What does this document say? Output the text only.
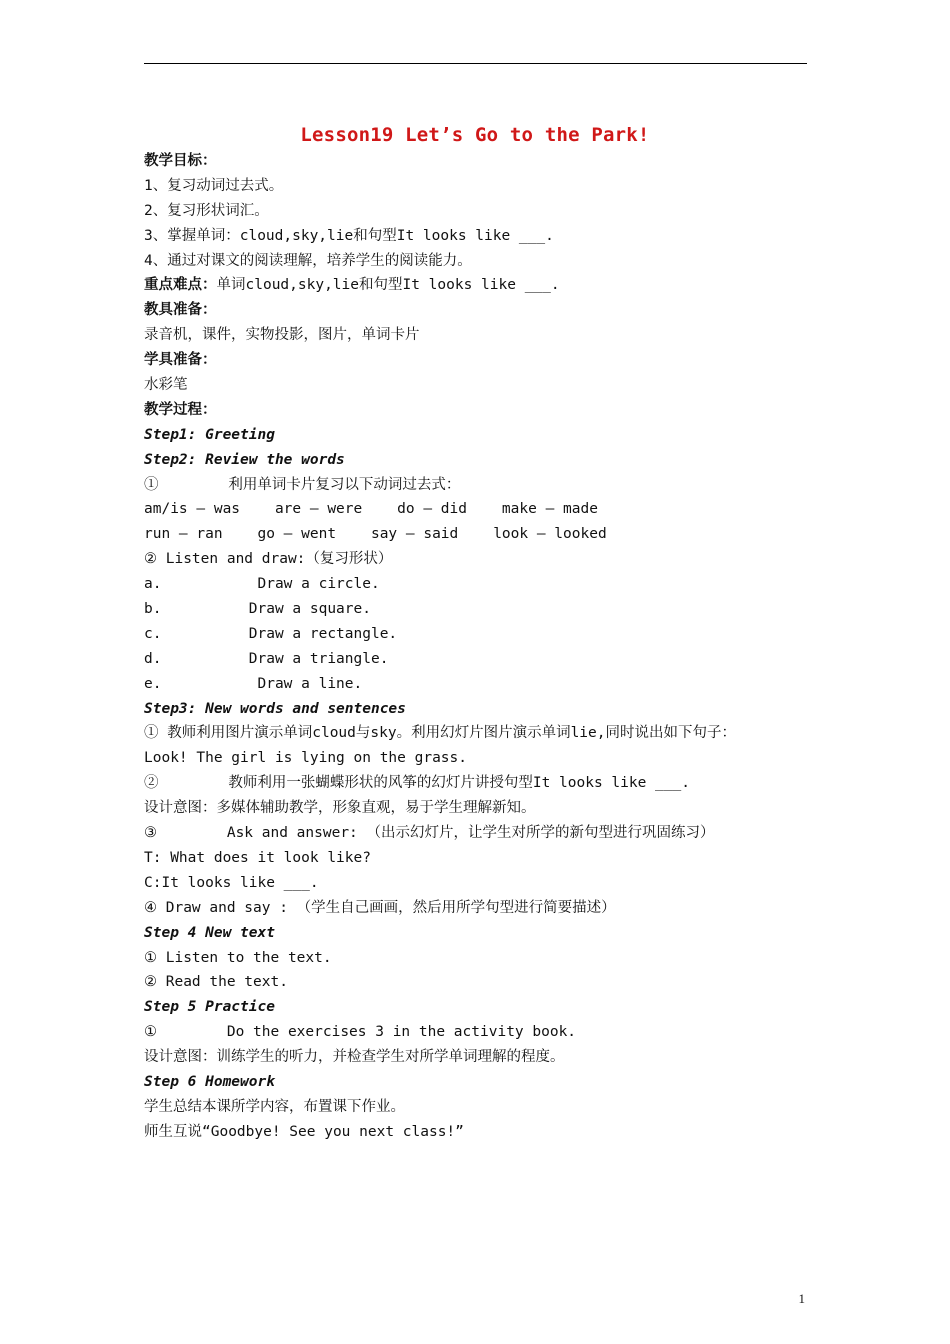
Lesson19 Let’s Go to the Park!
教学目标：
1、复习动词过去式。
2、复习形状词汇。
3、掌握单词：cloud,sky,lie和句型It looks like ___.
4、通过对课文的阅读理解，培养学生的阅读能力。
重点难点：单词cloud,sky,lie和句型It looks like ___.
教具准备：
录音机，课件，实物投影，图片，单词卡片
学具准备：
水彩笔
教学过程：
Step1: Greeting
Step2: Review the words
①        利用单词卡片复习以下动词过去式：
am/is — was    are — were    do — did    make — made
run — ran    go — went    say — said    look — looked
② Listen and draw:（复习形状）
a.           Draw a circle.
b.          Draw a square.
c.          Draw a rectangle.
d.          Draw a triangle.
e.           Draw a line.
Step3: New words and sentences
① 教师利用图片演示单词cloud与sky。利用幻灯片图片演示单词lie,同时说出如下句子：
Look! The girl is lying on the grass.
②        教师利用一张蝴蝶形状的风筝的幻灯片讲授句型It looks like ___.
设计意图：多媒体辅助教学，形象直观，易于学生理解新知。
③        Ask and answer: （出示幻灯片，让学生对所学的新句型进行巩固练习）
T: What does it look like?
C:It looks like ___.
④ Draw and say : （学生自己画画，然后用所学句型进行简要描述）
Step 4 New text
① Listen to the text.
② Read the text.
Step 5 Practice
①        Do the exercises 3 in the activity book.
设计意图：训练学生的听力，并检查学生对所学单词理解的程度。
Step 6 Homework
学生总结本课所学内容，布置课下作业。
师生互说“Goodbye! See you next class!”
1
